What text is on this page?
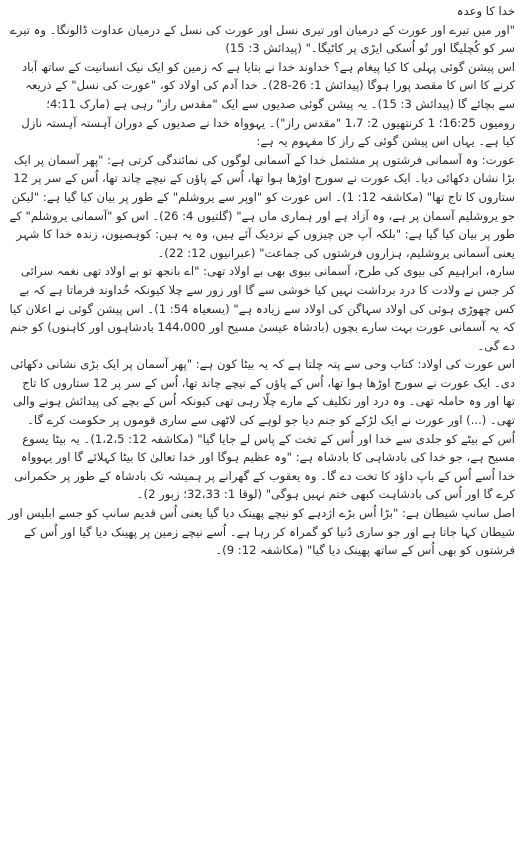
خدا کا وعدہ

"اور میں تیرے اور عورت کے درمیان اور تیری نسل اور عورت کی نسل کے درمیان عداوت ڈالونگا۔ وہ تیرے سر کو کُچلیگا اور تُو اُسکی ایڑی پر کاٹیگا۔" (پیدائش 3: 15)

اس پیشن گوئی پہلی کا کیا پیغام ہے؟ خداوند خدا نے بتایا ہے کہ زمین کو ایک نیک انسانیت کے ساتھ آباد کرنے کا اس کا مقصد پورا ہوگا (پیدائش 1: 26-28)۔ خدا آدم کی اولاد کو، "عورت کی نسل" کے ذریعہ سے بچائے گا (پیدائش 3: 15)۔ یہ پیشن گوئی صدیوں سے ایک "مقدس راز" رہی ہے (مارک 4:11؛ رومیوں 16:25؛ 1 کرنتھیوں 2: 1،7 "مقدس راز")۔ یہوواہ خدا نے صدیوں کے دوران آہستہ آہستہ نازل کیا ہے۔ یہاں اس پیشن گوئی کے راز کا مفہوم یہ ہے:

عورت: وہ آسمانی فرشتوں پر مشتمل خدا کے آسمانی لوگوں کی نمائندگی کرتی ہے: "پھر آسمان پر ایک بڑا نشان دکھائی دیا۔ ایک عورت نے سورج اوڑھا ہوا تھا، اُس کے پاؤں کے نیچے چاند تھا، اُس کے سر پر 12 ستاروں کا تاج تھا" (مکاشفہ 12: 1)۔ اس عورت کو "اوپر سے یروشلم" کے طور پر بیان کیا گیا ہے: "لیکن جو یروشلیم آسمان پر ہے، وہ آزاد ہے اور ہماری ماں ہے" (گلتیوں 4: 26)۔ اس کو "آسمانی یروشلم" کے طور پر بیان کیا گیا ہے: "بلکہ آپ جن چیزوں کے نزدیک آئے ہیں، وہ یہ ہیں: کوہصیون، زندہ خدا کا شہر یعنی آسمانی یروشلیم، ہزاروں فرشتوں کی جماعت" (عبرانیوں 12: 22)۔

سارہ، ابراہیم کی بیوی کی طرح، آسمانی بیوی بھی بے اولاد تھی: "اے بانجھ تو بے اولاد تھی نغمہ سرائی کر جس نے ولادت کا درد برداشت نہیں کیا خوشی سے گا اور زور سے چلا کیونکہ خُداوند فرماتا ہے کہ بے کس چھوڑی ہوئی کی اولاد سہاگن کی اولاد سے زیادہ ہے" (یسعیاہ 54: 1)۔ اس پیشن گوئی نے اعلان کیا کہ یہ آسمانی عورت بہت سارے بچوں (بادشاہ عیسیٰ مسیح اور 144،000 بادشاہوں اور کاہنوں) کو جنم دے گی۔

اس عورت کی اولاد: کتاب وحی سے پتہ چلتا ہے کہ یہ بیٹا کون ہے: "پھر آسمان پر ایک بڑی نشانی دکھائی دی۔ ایک عورت نے سورج اوڑھا ہوا تھا، اُس کے پاؤں کے نیچے چاند تھا، اُس کے سر پر 12 ستاروں کا تاج تھا اور وہ حاملہ تھی۔ وہ درد اور تکلیف کے مارے چلّا رہی تھی کیونکہ اُس کے بچے کی پیدائش ہونے والی تھی۔ (...) اور عورت نے ایک لڑکے کو جنم دیا جو لوہے کی لاٹھی سے ساری قوموں پر حکومت کرے گا۔ اُس کے بیٹے کو جلدی سے خدا اور اُس کے تخت کے پاس لے جایا گیا" (مکاشفہ 12: 1،2،5)۔ یہ بیٹا یسوع مسیح ہے، جو خدا کی بادشاہی کا بادشاہ ہے: "وہ عظیم ہوگا اور خدا تعالیٰ کا بیٹا کہلائے گا اور یہوواہ خدا اُسے اُس کے باپ داؤد کا تخت دے گا۔ وہ یعقوب کے گھرانے پر ہمیشہ تک بادشاہ کے طور پر حکمرانی کرے گا اور اُس کی بادشاہت کبھی ختم نہیں ہوگی" (لوقا 1: 32،33؛ زبور 2)۔

اصل سانپ شیطان ہے: "بڑا اُس بڑے اژدہے کو نیچے پھینک دیا گیا یعنی اُس قدیم سانپ کو جسے ابلیس اور شیطان کہا جاتا ہے اور جو ساری دُنیا کو گمراہ کر رہا ہے۔ اُسے نیچے زمین پر پھینک دیا گیا اور اُس کے فرشتوں کو بھی اُس کے ساتھ پھینک دیا گیا" (مکاشفہ 12: 9)۔
